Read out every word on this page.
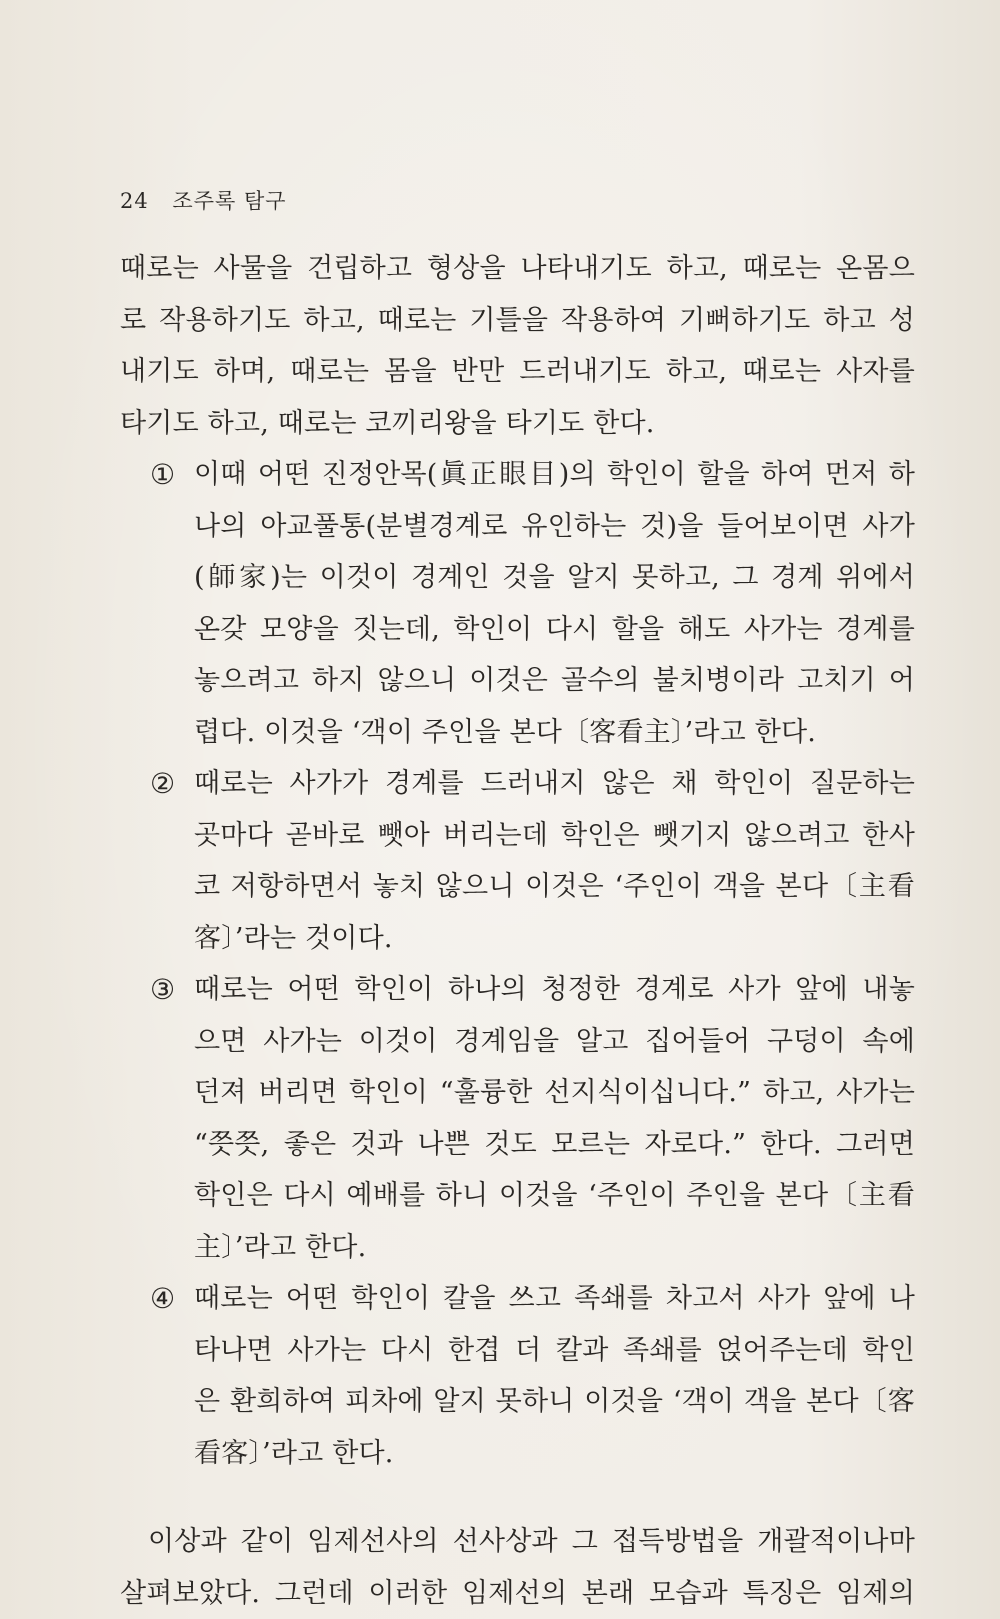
24 조주록 탐구
때로는 사물을 건립하고 형상을 나타내기도 하고, 때로는 온몸으
로 작용하기도 하고, 때로는 기틀을 작용하여 기뻐하기도 하고 성
내기도 하며, 때로는 몸을 반만 드러내기도 하고, 때로는 사자를
타기도 하고, 때로는 코끼리왕을 타기도 한다.
① 이때 어떤 진정안목(眞正眼目)의 학인이 할을 하여 먼저 하
나의 아교풀통(분별경계로 유인하는 것)을 들어보이면 사가
(師家)는 이것이 경계인 것을 알지 못하고, 그 경계 위에서
온갖 모양을 짓는데, 학인이 다시 할을 해도 사가는 경계를
놓으려고 하지 않으니 이것은 골수의 불치병이라 고치기 어
렵다. 이것을 ‘객이 주인을 본다〔客看主〕’라고 한다.
② 때로는 사가가 경계를 드러내지 않은 채 학인이 질문하는
곳마다 곧바로 뺏아 버리는데 학인은 뺏기지 않으려고 한사
코 저항하면서 놓치 않으니 이것은 ‘주인이 객을 본다〔主看
客〕’라는 것이다.
③ 때로는 어떤 학인이 하나의 청정한 경계로 사가 앞에 내놓
으면 사가는 이것이 경계임을 알고 집어들어 구덩이 속에
던져 버리면 학인이 “훌륭한 선지식이십니다.” 하고, 사가는
“쯧쯧, 좋은 것과 나쁜 것도 모르는 자로다.” 한다. 그러면
학인은 다시 예배를 하니 이것을 ‘주인이 주인을 본다〔主看
主〕’라고 한다.
④ 때로는 어떤 학인이 칼을 쓰고 족쇄를 차고서 사가 앞에 나
타나면 사가는 다시 한겹 더 칼과 족쇄를 얹어주는데 학인
은 환희하여 피차에 알지 못하니 이것을 ‘객이 객을 본다〔客
看客〕’라고 한다.
이상과 같이 임제선사의 선사상과 그 접득방법을 개괄적이나마
살펴보았다. 그런데 이러한 임제선의 본래 모습과 특징은 임제의
